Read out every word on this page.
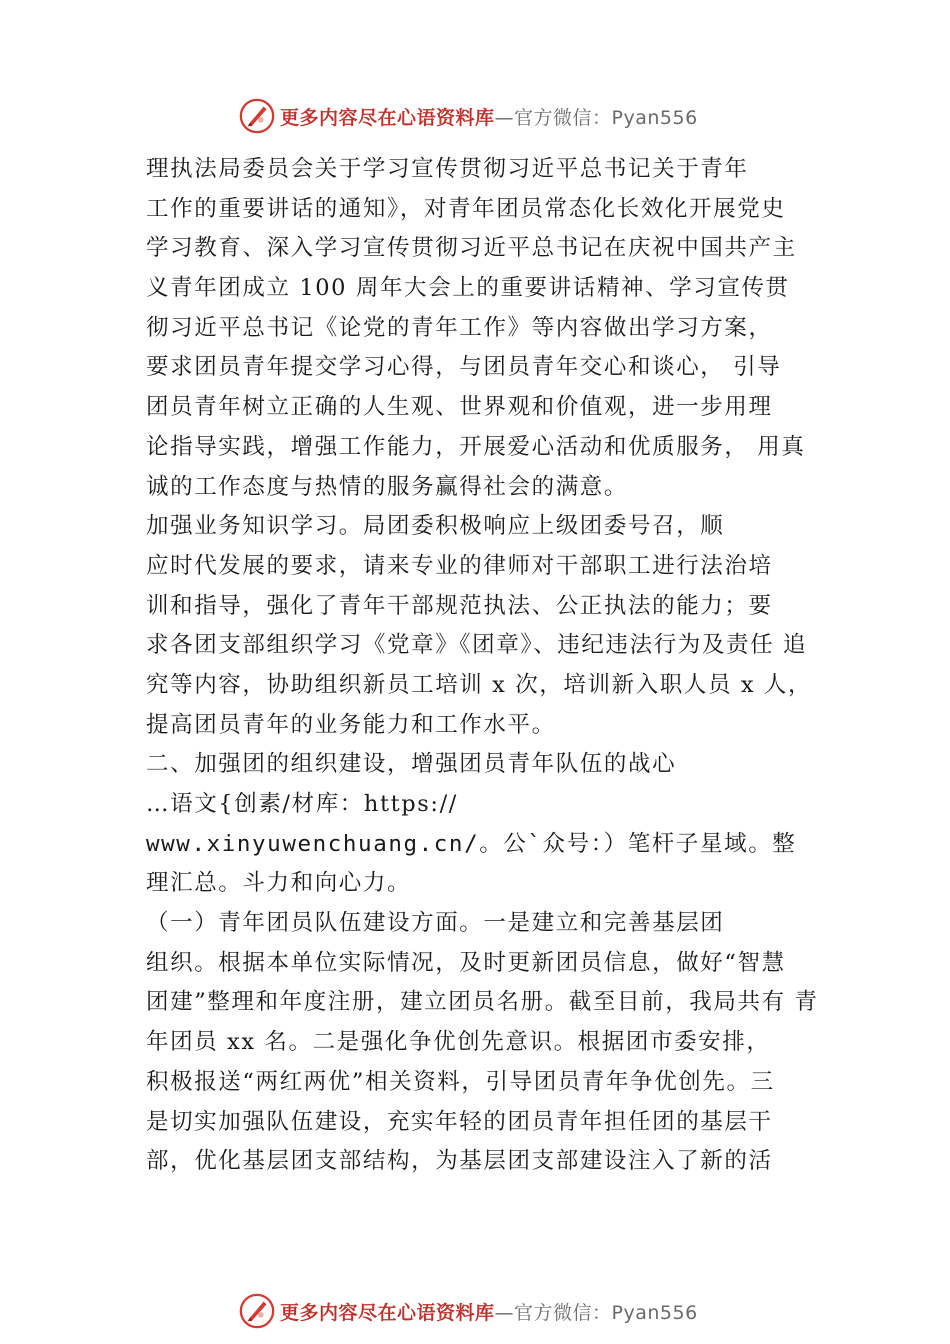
更多内容尽在心语资料库—官方微信：Pyan556
理执法局委员会关于学习宣传贯彻习近平总书记关于青年
工作的重要讲话的通知》，对青年团员常态化长效化开展党史
学习教育、深入学习宣传贯彻习近平总书记在庆祝中国共产主
义青年团成立 100 周年大会上的重要讲话精神、学习宣传贯
彻习近平总书记《论党的青年工作》等内容做出学习方案，
要求团员青年提交学习心得，与团员青年交心和谈心， 引导
团员青年树立正确的人生观、世界观和价值观，进一步用理
论指导实践，增强工作能力，开展爱心活动和优质服务， 用真
诚的工作态度与热情的服务赢得社会的满意。
加强业务知识学习。局团委积极响应上级团委号召，顺
应时代发展的要求，请来专业的律师对干部职工进行法治培
训和指导，强化了青年干部规范执法、公正执法的能力；要
求各团支部组织学习《党章》《团章》、违纪违法行为及责任 追
究等内容，协助组织新员工培训 x 次，培训新入职人员 x 人，
提高团员青年的业务能力和工作水平。
二、加强团的组织建设，增强团员青年队伍的战心
…语文{创素/材库：https://
www.xinyuwenchuang.cn/。公`众号：）笔杆子星域。整
理汇总。斗力和向心力。
（一）青年团员队伍建设方面。一是建立和完善基层团
组织。根据本单位实际情况，及时更新团员信息，做好“智慧
团建”整理和年度注册，建立团员名册。截至目前，我局共有 青
年团员 xx 名。二是强化争优创先意识。根据团市委安排，
积极报送“两红两优”相关资料，引导团员青年争优创先。三
是切实加强队伍建设，充实年轻的团员青年担任团的基层干
部，优化基层团支部结构，为基层团支部建设注入了新的活
更多内容尽在心语资料库—官方微信：Pyan556
